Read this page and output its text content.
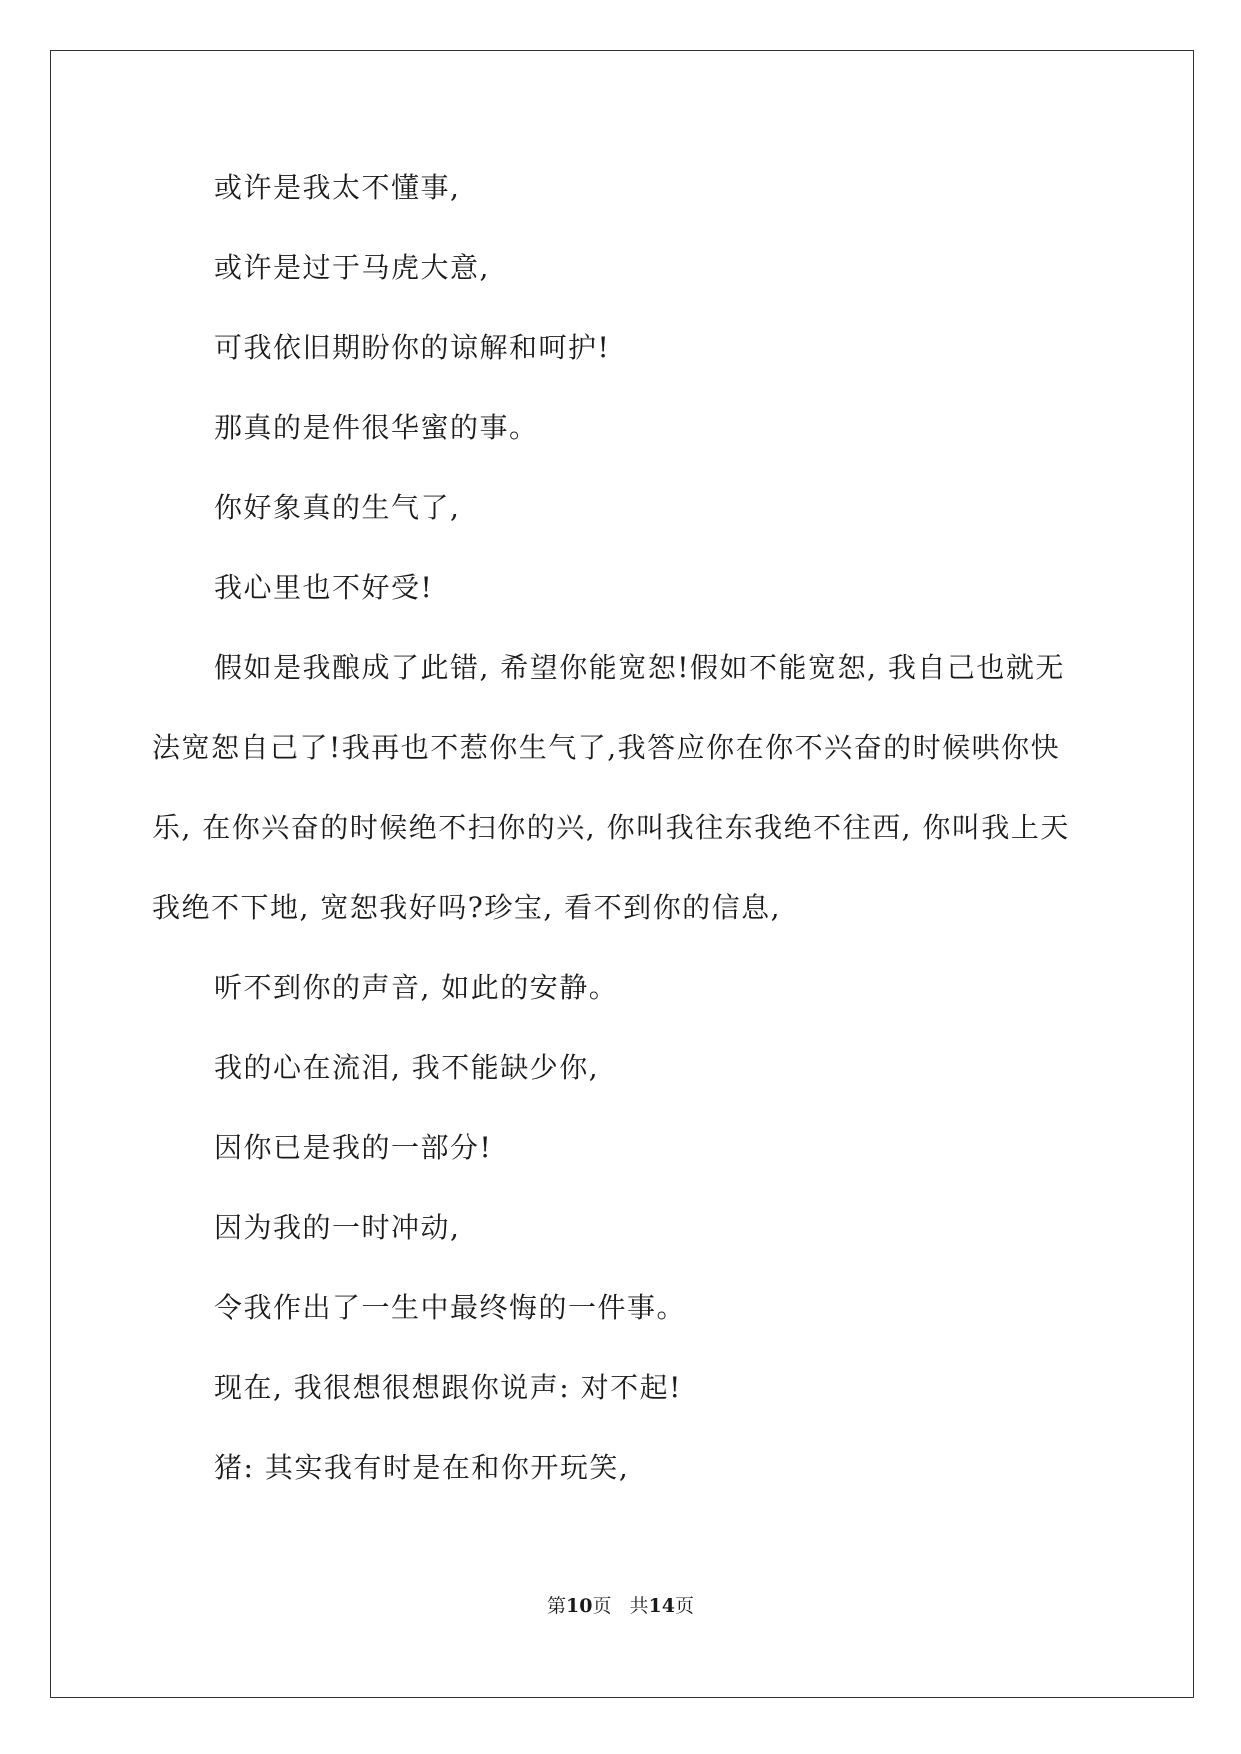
或许是我太不懂事,

或许是过于马虎大意,

可我依旧期盼你的谅解和呵护!

那真的是件很华蜜的事。

你好象真的生气了,

我心里也不好受!

假如是我酿成了此错, 希望你能宽恕!假如不能宽恕, 我自己也就无法宽恕自己了!我再也不惹你生气了,我答应你在你不兴奋的时候哄你快乐, 在你兴奋的时候绝不扫你的兴, 你叫我往东我绝不往西, 你叫我上天我绝不下地, 宽恕我好吗?珍宝, 看不到你的信息,

听不到你的声音, 如此的安静。

我的心在流泪, 我不能缺少你,

因你已是我的一部分!

因为我的一时冲动,

令我作出了一生中最终悔的一件事。

现在, 我很想很想跟你说声: 对不起!

猪: 其实我有时是在和你开玩笑,

第10页 共14页
